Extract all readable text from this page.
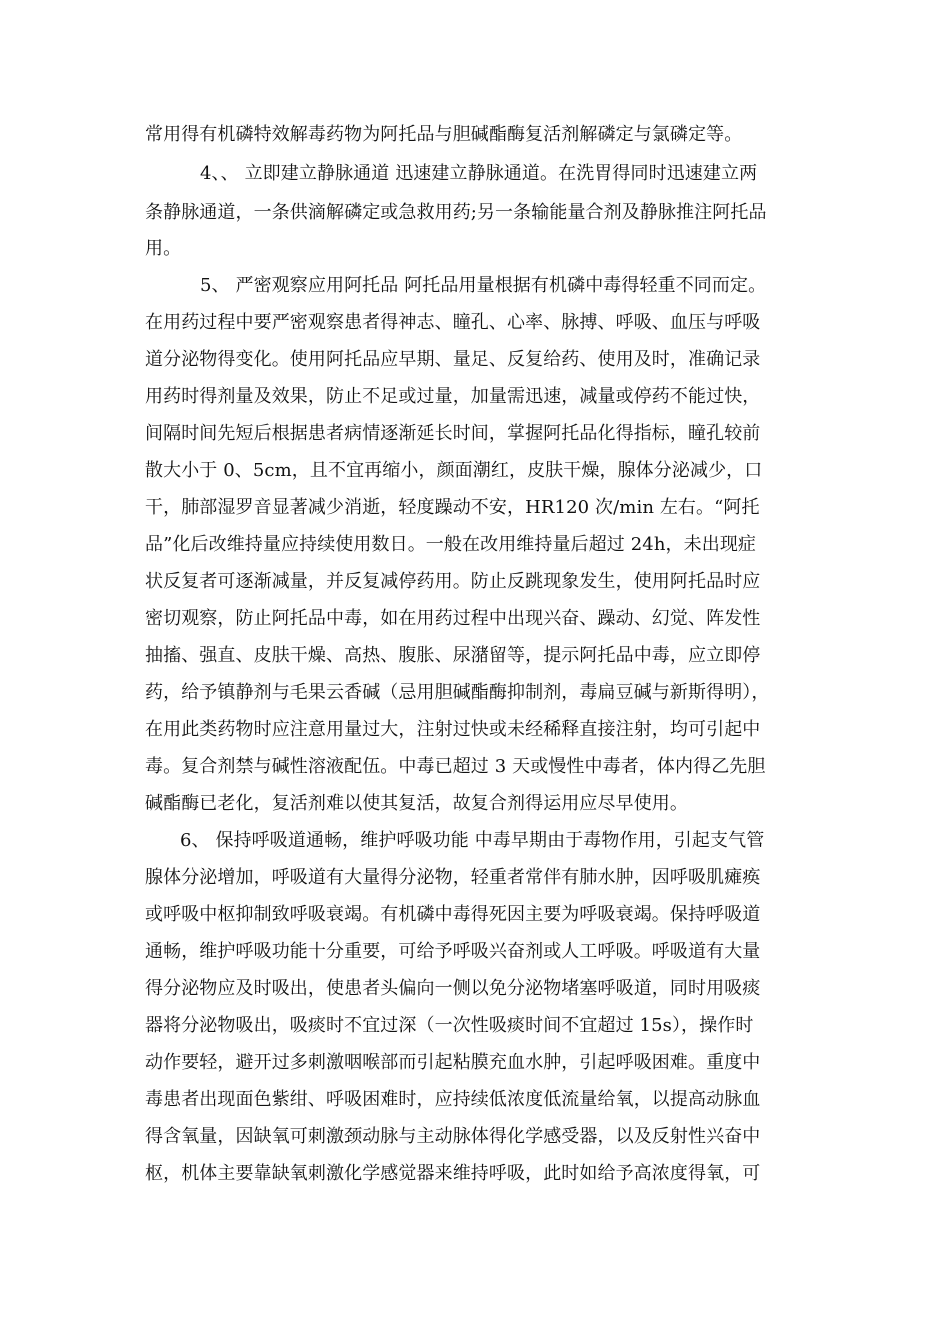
常用得有机磷特效解毒药物为阿托品与胆碱酯酶复活剂解磷定与氯磷定等。
4、、 立即建立静脉通道 迅速建立静脉通道。在洗胃得同时迅速建立两
条静脉通道，一条供滴解磷定或急救用药;另一条输能量合剂及静脉推注阿托品
用。
5、 严密观察应用阿托品 阿托品用量根据有机磷中毒得轻重不同而定。
在用药过程中要严密观察患者得神志、瞳孔、心率、脉搏、呼吸、血压与呼吸
道分泌物得变化。使用阿托品应早期、量足、反复给药、使用及时，准确记录
用药时得剂量及效果，防止不足或过量，加量需迅速，减量或停药不能过快，
间隔时间先短后根据患者病情逐渐延长时间，掌握阿托品化得指标，瞳孔较前
散大小于 0、5cm，且不宜再缩小，颜面潮红，皮肤干燥，腺体分泌减少，口
干，肺部湿罗音显著减少消逝，轻度躁动不安，HR120 次/min 左右。“阿托
品”化后改维持量应持续使用数日。一般在改用维持量后超过 24h，未出现症
状反复者可逐渐减量，并反复减停药用。防止反跳现象发生，使用阿托品时应
密切观察，防止阿托品中毒，如在用药过程中出现兴奋、躁动、幻觉、阵发性
抽搐、强直、皮肤干燥、高热、腹胀、尿潴留等，提示阿托品中毒，应立即停
药，给予镇静剂与毛果云香碱（忌用胆碱酯酶抑制剂，毒扁豆碱与新斯得明），
在用此类药物时应注意用量过大，注射过快或未经稀释直接注射，均可引起中
毒。复合剂禁与碱性溶液配伍。中毒已超过 3 天或慢性中毒者，体内得乙先胆
碱酯酶已老化，复活剂难以使其复活，故复合剂得运用应尽早使用。
6、 保持呼吸道通畅，维护呼吸功能 中毒早期由于毒物作用，引起支气管
腺体分泌增加，呼吸道有大量得分泌物，轻重者常伴有肺水肿，因呼吸肌瘫痪
或呼吸中枢抑制致呼吸衰竭。有机磷中毒得死因主要为呼吸衰竭。保持呼吸道
通畅，维护呼吸功能十分重要，可给予呼吸兴奋剂或人工呼吸。呼吸道有大量
得分泌物应及时吸出，使患者头偏向一侧以免分泌物堵塞呼吸道，同时用吸痰
器将分泌物吸出，吸痰时不宜过深（一次性吸痰时间不宜超过 15s），操作时
动作要轻，避开过多刺激咽喉部而引起粘膜充血水肿，引起呼吸困难。重度中
毒患者出现面色紫绀、呼吸困难时，应持续低浓度低流量给氧，以提高动脉血
得含氧量，因缺氧可刺激颈动脉与主动脉体得化学感受器，以及反射性兴奋中
枢，机体主要靠缺氧刺激化学感觉器来维持呼吸，此时如给予高浓度得氧，可
